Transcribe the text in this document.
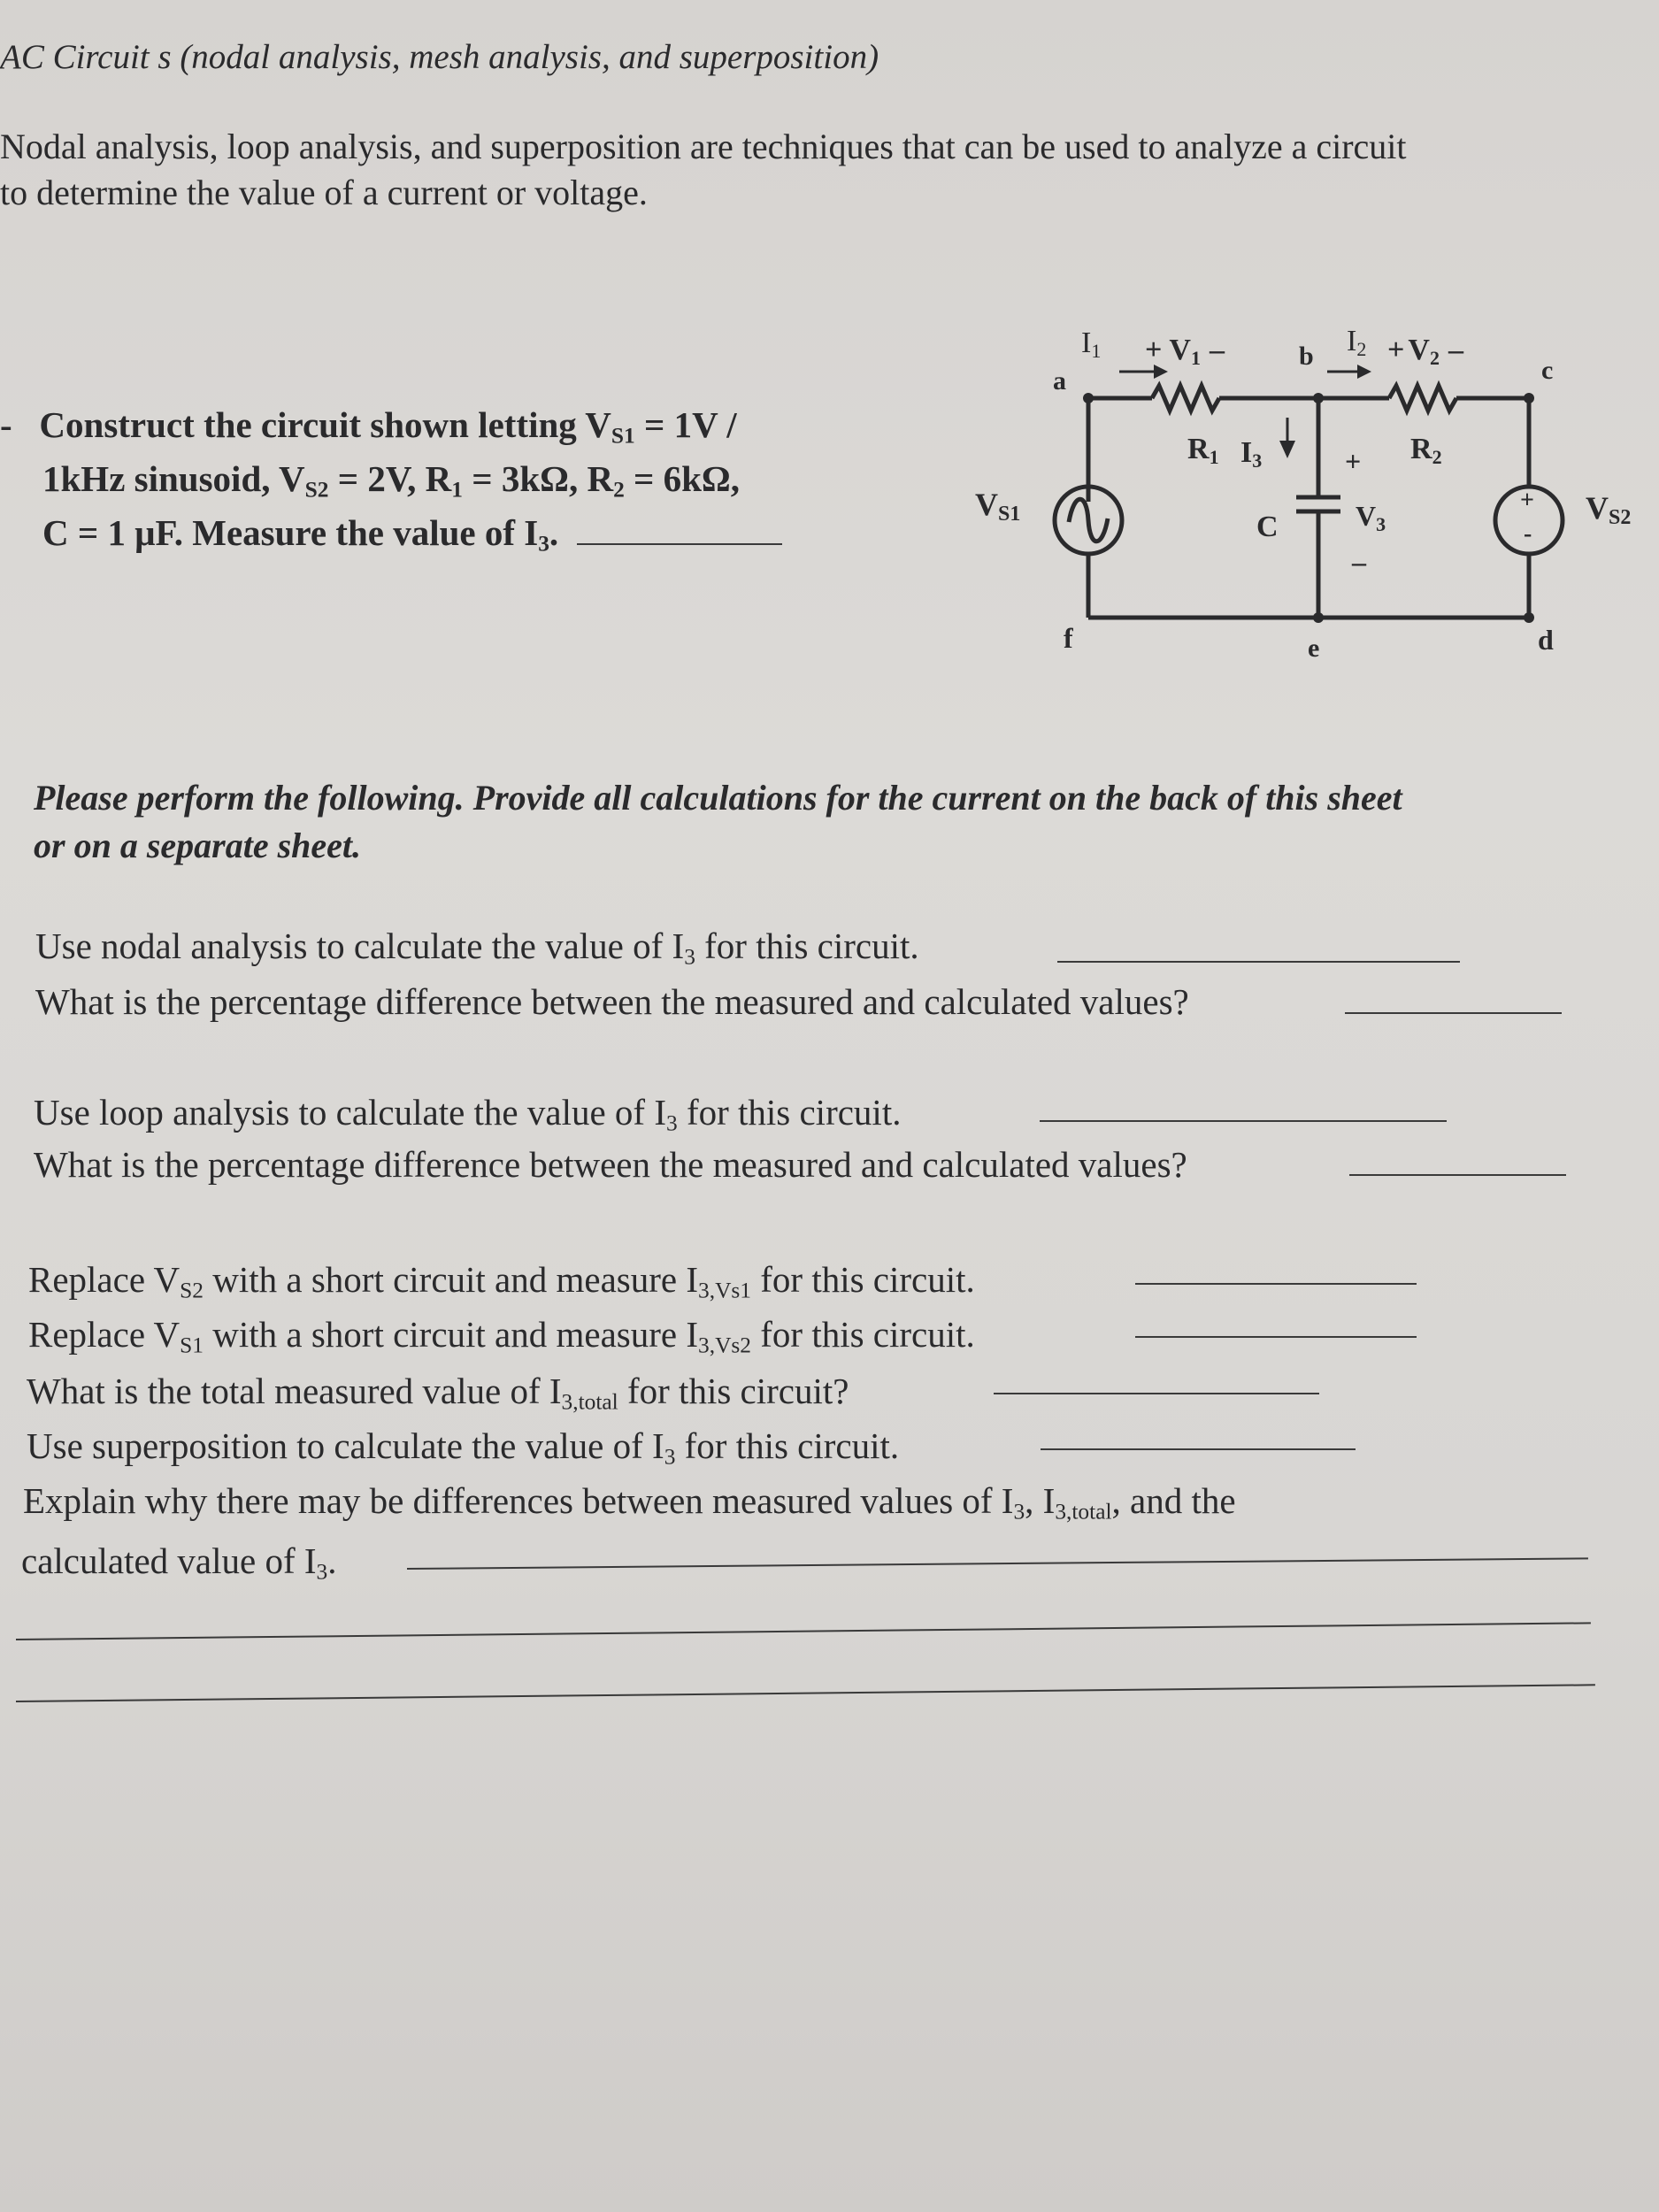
AC Circuit s (nodal analysis, mesh analysis, and superposition)
Nodal analysis, loop analysis, and superposition are techniques that can be used to analyze a circuit
to determine the value of a current or voltage.
- Construct the circuit shown letting $V_{S1} = 1V$ /
1kHz sinusoid, $V_{S2} = 2V$, $R_1 = 3k\Omega$, $R_2 = 6k\Omega$,
C = 1 μF. Measure the value of $I_3$.
a
b	c
d
e
f
I1	I2
I3
+ V1 –	+ V2 –
+
V3
–
R1	R2
C
VS1	VS2
+
-
Please perform the following. Provide all calculations for the current on the back of this sheet
or on a separate sheet.
Use nodal analysis to calculate the value of $I_3$ for this circuit.
What is the percentage difference between the measured and calculated values?
Use loop analysis to calculate the value of $I_3$ for this circuit.
What is the percentage difference between the measured and calculated values?
Replace $V_{S2}$ with a short circuit and measure $I_{3,Vs1}$ for this circuit.
Replace $V_{S1}$ with a short circuit and measure $I_{3,Vs2}$ for this circuit.
What is the total measured value of $I_{3,total}$ for this circuit?
Use superposition to calculate the value of $I_3$ for this circuit.
Explain why there may be differences between measured values of $I_3$, $I_{3,total}$, and the
calculated value of $I_3$.
